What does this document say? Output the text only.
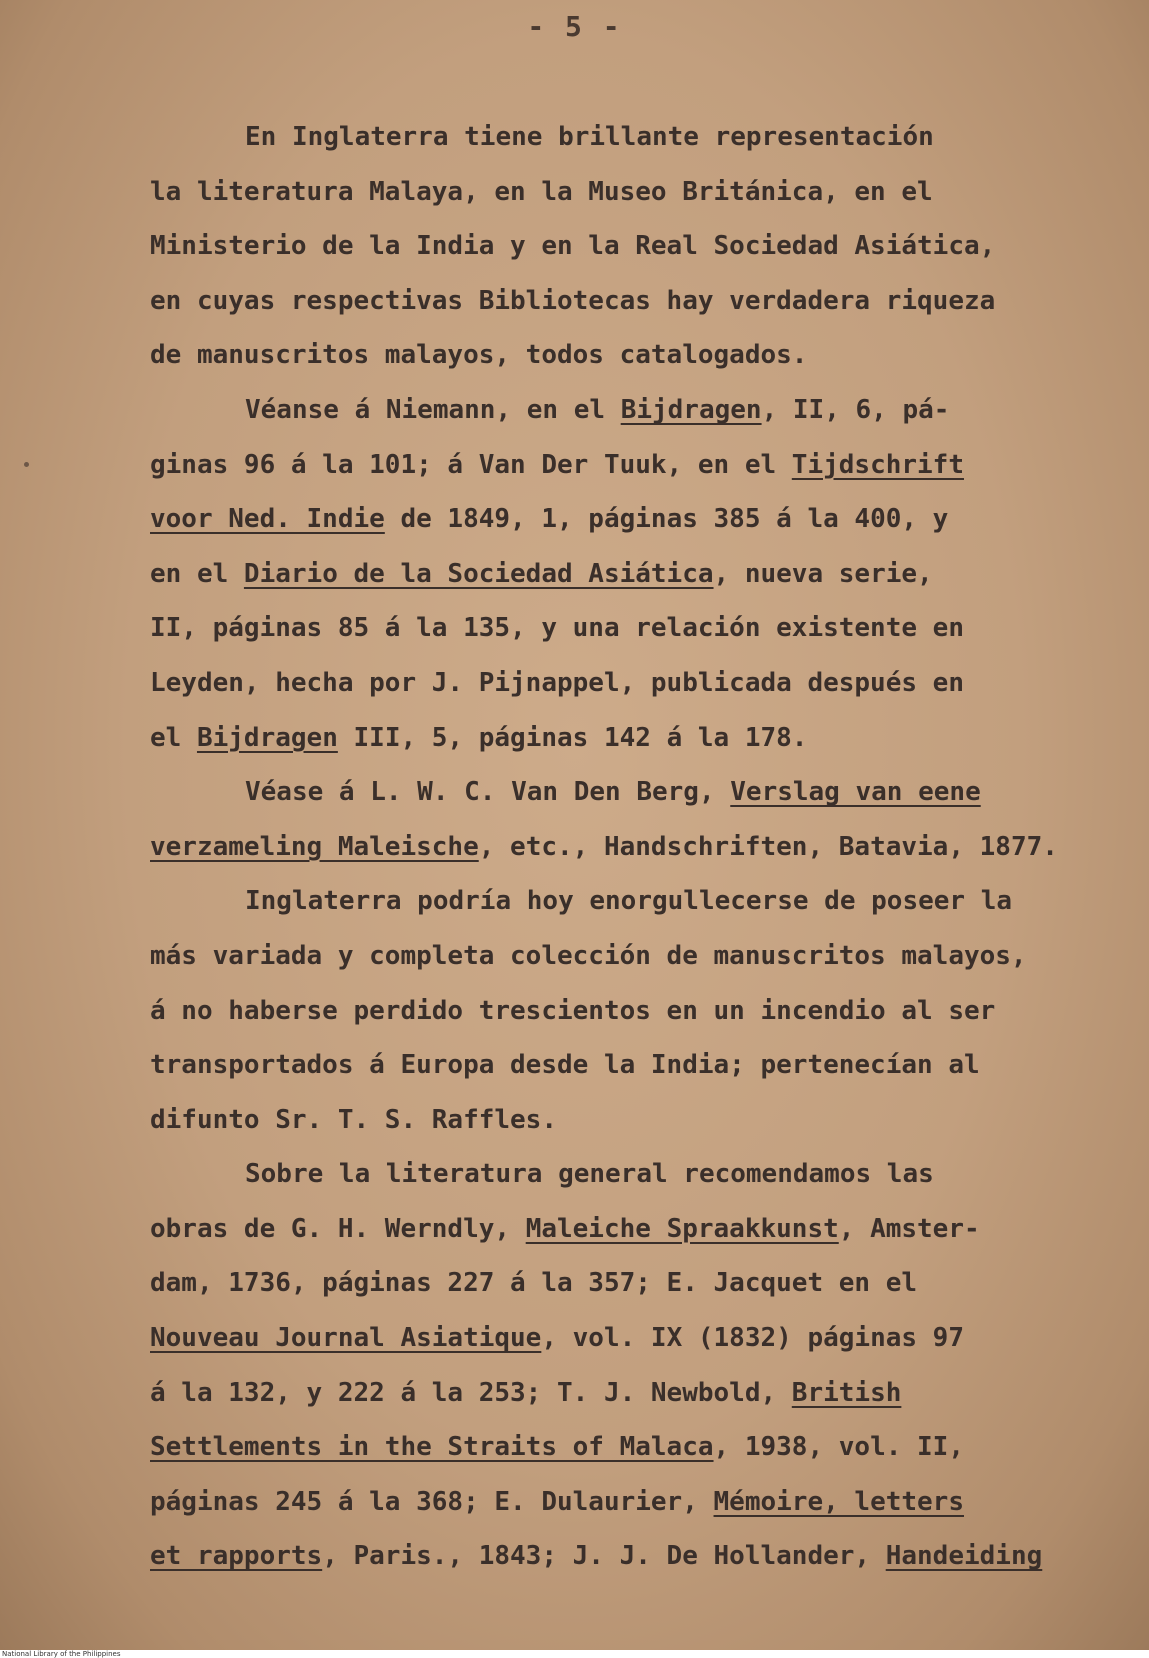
- 5 -
En Inglaterra tiene brillante representación
la literatura Malaya, en la Museo Británica, en el
Ministerio de la India y en la Real Sociedad Asiática,
en cuyas respectivas Bibliotecas hay verdadera riqueza
de manuscritos malayos, todos catalogados.
Véanse á Niemann, en el Bijdragen, II, 6, pá-
ginas 96 á la 101; á Van Der Tuuk, en el Tijdschrift
voor Ned. Indie de 1849, 1, páginas 385 á la 400, y
en el Diario de la Sociedad Asiática, nueva serie,
II, páginas 85 á la 135, y una relación existente en
Leyden, hecha por J. Pijnappel, publicada después en
el Bijdragen III, 5, páginas 142 á la 178.
Véase á L. W. C. Van Den Berg, Verslag van eene
verzameling Maleische, etc., Handschriften, Batavia, 1877.
Inglaterra podría hoy enorgullecerse de poseer la
más variada y completa colección de manuscritos malayos,
á no haberse perdido trescientos en un incendio al ser
transportados á Europa desde la India; pertenecían al
difunto Sr. T. S. Raffles.
Sobre la literatura general recomendamos las
obras de G. H. Werndly, Maleiche Spraakkunst, Amster-
dam, 1736, páginas 227 á la 357; E. Jacquet en el
Nouveau Journal Asiatique, vol. IX (1832) páginas 97
á la 132, y 222 á la 253; T. J. Newbold, British
Settlements in the Straits of Malaca, 1938, vol. II,
páginas 245 á la 368; E. Dulaurier, Mémoire, letters
et rapports, Paris., 1843; J. J. De Hollander, Handeiding
National Library of the Philippines
